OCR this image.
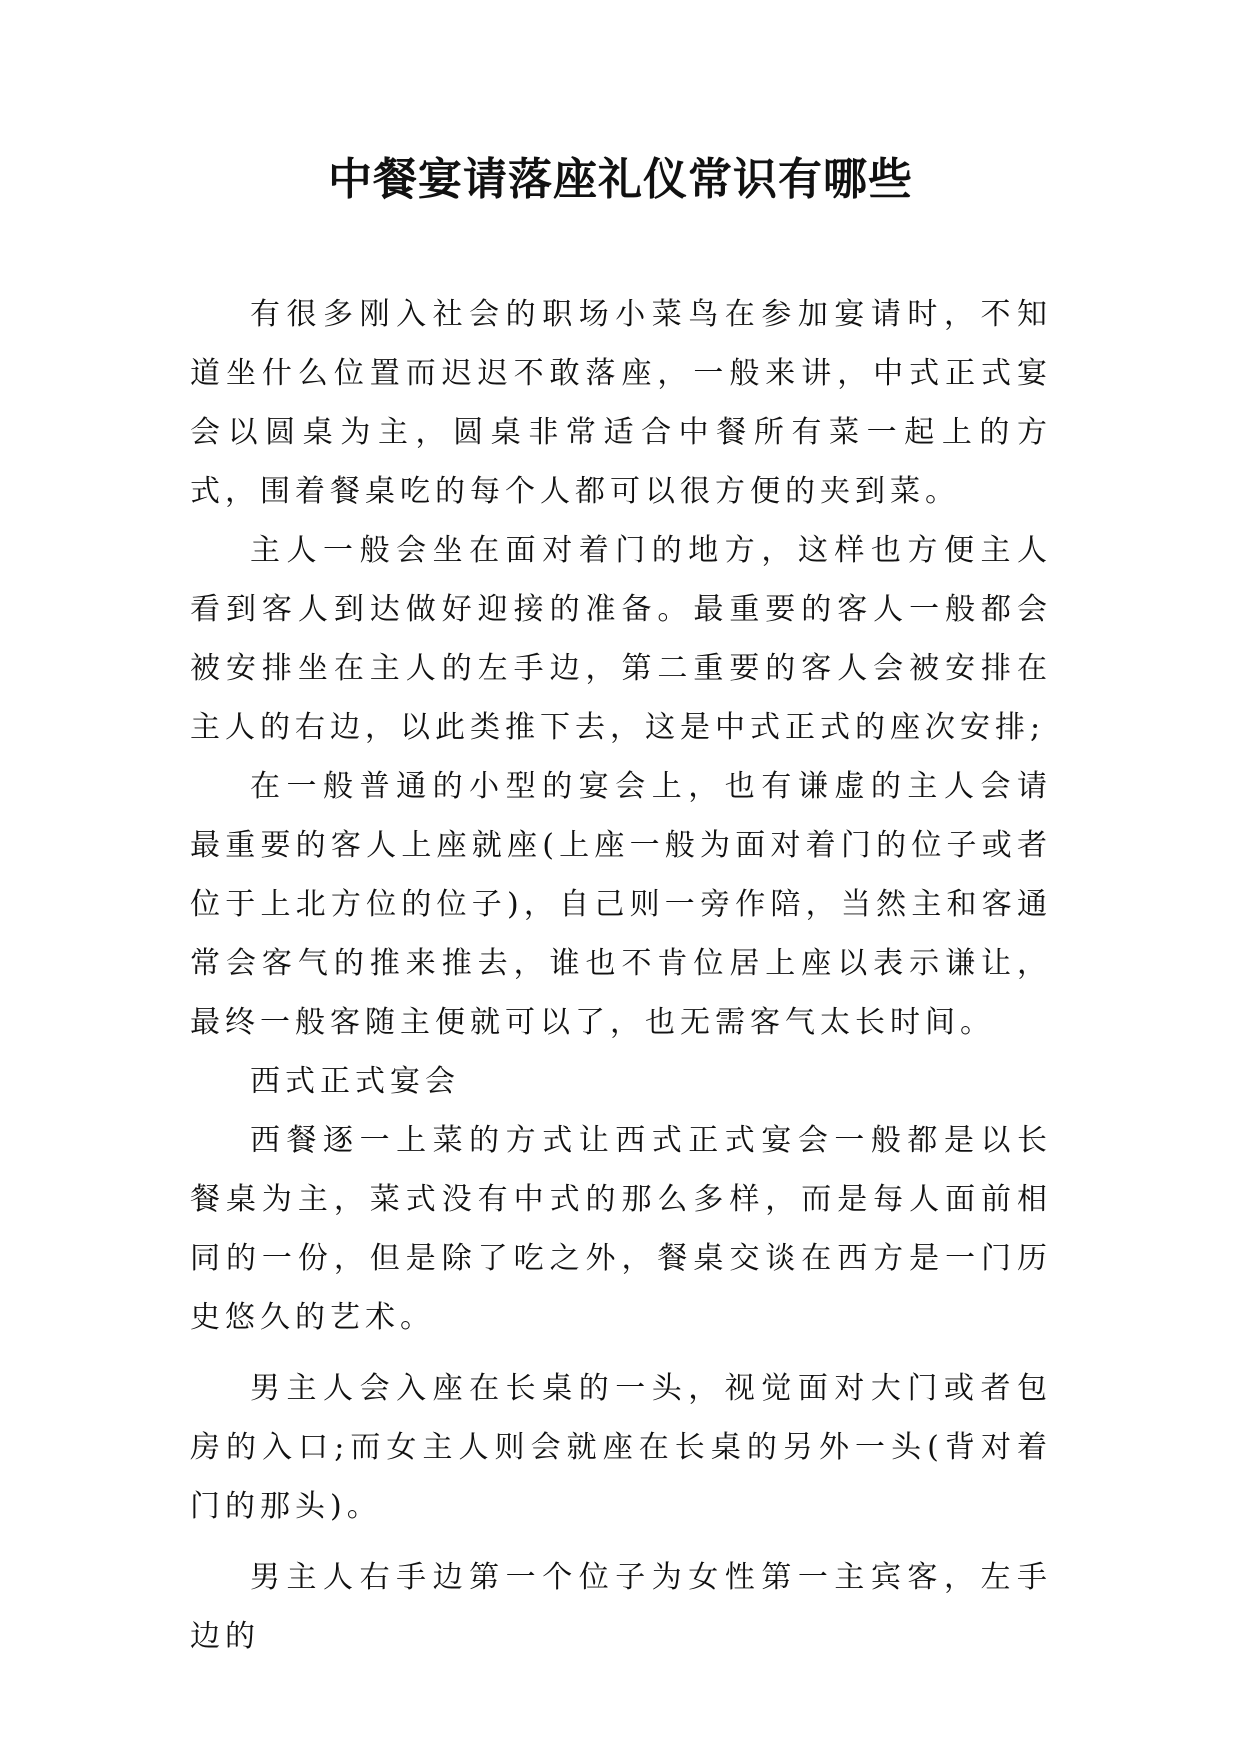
中餐宴请落座礼仪常识有哪些

有很多刚入社会的职场小菜鸟在参加宴请时，不知道坐什么位置而迟迟不敢落座，一般来讲，中式正式宴会以圆桌为主，圆桌非常适合中餐所有菜一起上的方式，围着餐桌吃的每个人都可以很方便的夹到菜。

主人一般会坐在面对着门的地方，这样也方便主人看到客人到达做好迎接的准备。最重要的客人一般都会被安排坐在主人的左手边，第二重要的客人会被安排在主人的右边，以此类推下去，这是中式正式的座次安排;

在一般普通的小型的宴会上，也有谦虚的主人会请最重要的客人上座就座(上座一般为面对着门的位子或者位于上北方位的位子)，自己则一旁作陪，当然主和客通常会客气的推来推去，谁也不肯位居上座以表示谦让，最终一般客随主便就可以了，也无需客气太长时间。

西式正式宴会

西餐逐一上菜的方式让西式正式宴会一般都是以长餐桌为主，菜式没有中式的那么多样，而是每人面前相同的一份，但是除了吃之外，餐桌交谈在西方是一门历史悠久的艺术。

男主人会入座在长桌的一头，视觉面对大门或者包房的入口;而女主人则会就座在长桌的另外一头(背对着门的那头)。

男主人右手边第一个位子为女性第一主宾客，左手边的
